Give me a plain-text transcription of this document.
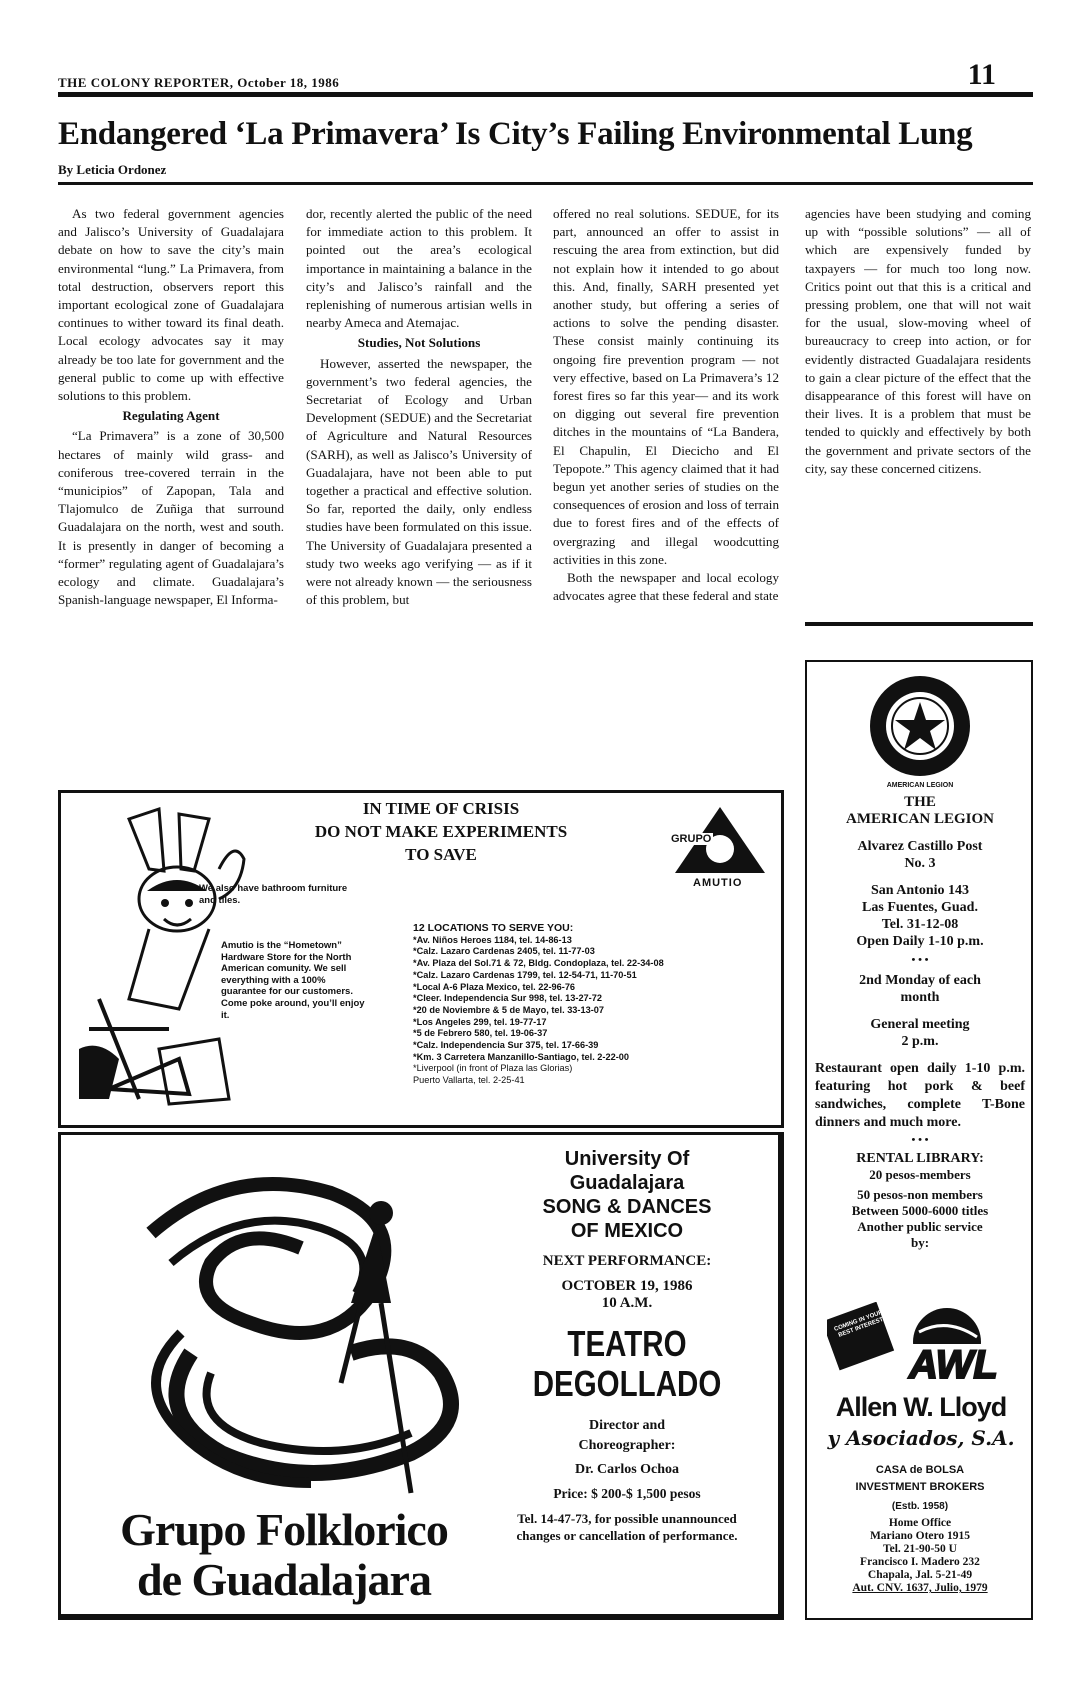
THE COLONY REPORTER, October 18, 1986	11
Endangered ‘La Primavera’ Is City’s Failing Environmental Lung
By Leticia Ordonez

As two federal government agencies and Jalisco’s University of Guadalajara debate on how to save the city’s main environmental “lung.” La Primavera, from total destruction, observers report this important ecological zone of Guadalajara continues to wither toward its final death. Local ecology advocates say it may already be too late for government and the general public to come up with effective solutions to this problem.

Regulating Agent

“La Primavera” is a zone of 30,500 hectares of mainly wild grass- and coniferous tree-covered terrain in the “municipios” of Zapopan, Tala and Tlajomulco de Zuñiga that surround Guadalajara on the north, west and south. It is presently in danger of becoming a “former” regulating agent of Guadalajara’s ecology and climate. Guadalajara’s Spanish-language newspaper, El Informa-

dor, recently alerted the public of the need for immediate action to this problem. It pointed out the area’s ecological importance in maintaining a balance in the city’s and Jalisco’s rainfall and the replenishing of numerous artisian wells in nearby Ameca and Atemajac.

Studies, Not Solutions

However, asserted the newspaper, the government’s two federal agencies, the Secretariat of Ecology and Urban Development (SEDUE) and the Secretariat of Agriculture and Natural Resources (SARH), as well as Jalisco’s University of Guadalajara, have not been able to put together a practical and effective solution. So far, reported the daily, only endless studies have been formulated on this issue. The University of Guadalajara presented a study two weeks ago verifying — as if it were not already known — the seriousness of this problem, but

offered no real solutions. SEDUE, for its part, announced an offer to assist in rescuing the area from extinction, but did not explain how it intended to go about this. And, finally, SARH presented yet another study, but offering a series of actions to solve the pending disaster. These consist mainly continuing its ongoing fire prevention program — not very effective, based on La Primavera’s 12 forest fires so far this year— and its work on digging out several fire prevention ditches in the mountains of “La Bandera, El Chapulin, El Diecicho and El Tepopote.” This agency claimed that it had begun yet another series of studies on the consequences of erosion and loss of terrain due to forest fires and of the effects of overgrazing and illegal woodcutting activities in this zone.

Both the newspaper and local ecology advocates agree that these federal and state

agencies have been studying and coming up with “possible solutions” — all of which are expensively funded by taxpayers — for much too long now. Critics point out that this is a critical and pressing problem, one that will not wait for the usual, slow-moving wheel of bureaucracy to creep into action, or for evidently distracted Guadalajara residents to gain a clear picture of the effect that the disappearance of this forest will have on their lives. It is a problem that must be tended to quickly and effectively by both the government and private sectors of the city, say these concerned citizens.

IN TIME OF CRISIS
DO NOT MAKE EXPERIMENTS
TO SAVE
GRUPO
AMUTIO
We also have bathroom furniture and tiles.
Amutio is the “Hometown” Hardware Store for the North American comunity. We sell everything with a 100% guarantee for our customers. Come poke around, you’ll enjoy it.
12 LOCATIONS TO SERVE YOU:
*Av. Niños Heroes 1184, tel. 14-86-13
*Calz. Lazaro Cardenas 2405, tel. 11-77-03
*Av. Plaza del Sol.71 & 72, Bldg. Condoplaza, tel. 22-34-08
*Calz. Lazaro Cardenas 1799, tel. 12-54-71, 11-70-51
*Local A-6 Plaza Mexico, tel. 22-96-76
*Cleer. Independencia Sur 998, tel. 13-27-72
*20 de Noviembre & 5 de Mayo, tel. 33-13-07
*Los Angeles 299, tel. 19-77-17
*5 de Febrero 580, tel. 19-06-37
*Calz. Independencia Sur 375, tel. 17-66-39
*Km. 3 Carretera Manzanillo-Santiago, tel. 2-22-00
*Liverpool (in front of Plaza las Glorias)
Puerto Vallarta, tel. 2-25-41
Grupo Folklorico
de Guadalajara
University Of
Guadalajara
SONG & DANCES
OF MEXICO
NEXT PERFORMANCE:
OCTOBER 19, 1986
10 A.M.
TEATRO
DEGOLLADO
Director and
Choreographer:
Dr. Carlos Ochoa
Price: $ 200-$ 1,500 pesos
Tel. 14-47-73, for possible unannounced changes or cancellation of performance.
AMERICAN LEGION
THE
AMERICAN LEGION
Alvarez Castillo Post
No. 3
San Antonio 143
Las Fuentes, Guad.
Tel. 31-12-08
Open Daily 1-10 p.m.
• • •
2nd Monday of each
month
General meeting
2 p.m.
Restaurant open daily 1-10 p.m. featuring hot pork & beef sandwiches, complete T-Bone dinners and much more.
• • •
RENTAL LIBRARY:
20 pesos-members
50 pesos-non members
Between 5000-6000 titles
Another public service
by:
COMING IN YOUR BEST INTEREST
AWL
Allen W. Lloyd
y Asociados, S.A.
CASA de BOLSA
INVESTMENT BROKERS
(Estb. 1958)
Home Office
Mariano Otero 1915
Tel. 21-90-50 U
Francisco I. Madero 232
Chapala, Jal. 5-21-49
Aut. CNV. 1637, Julio, 1979
